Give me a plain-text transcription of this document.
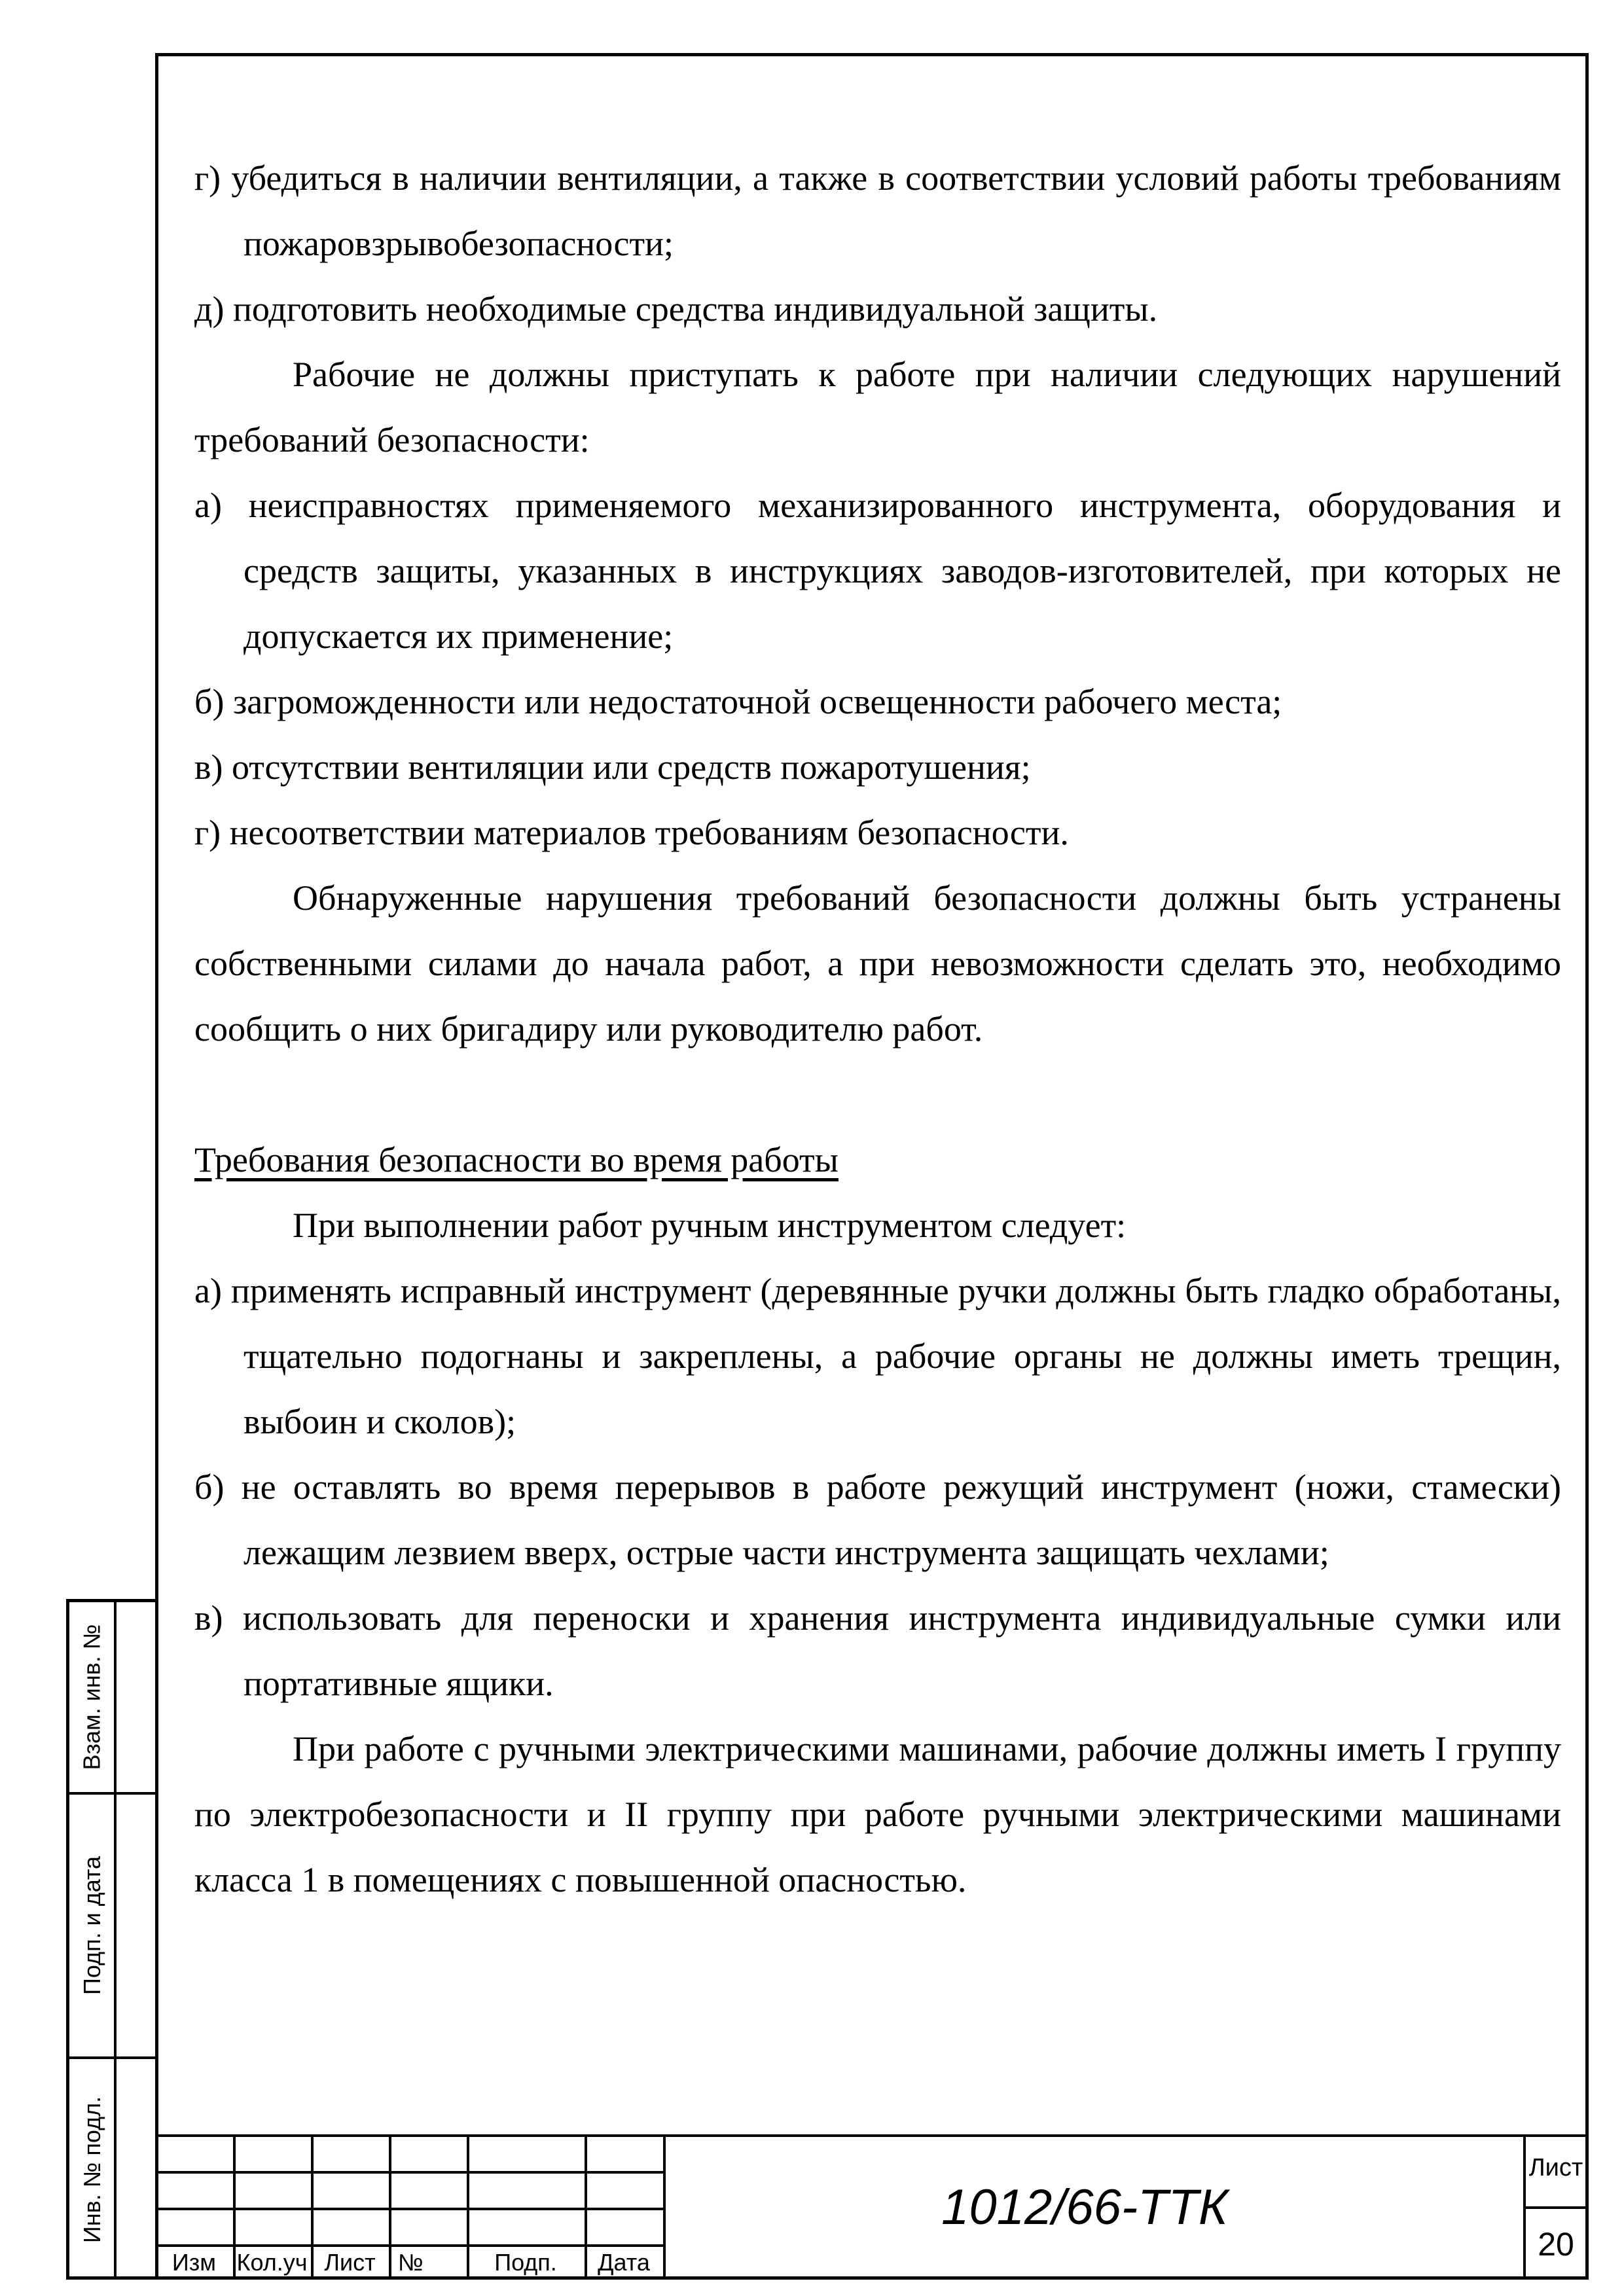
г) убедиться в наличии вентиляции, а также в соответствии условий работы требованиям пожаровзрывобезопасности;

д) подготовить необходимые средства индивидуальной защиты.

Рабочие не должны приступать к работе при наличии следующих нарушений требований безопасности:

а) неисправностях применяемого механизированного инструмента, оборудования и средств защиты, указанных в инструкциях заводов-изготовителей, при которых не допускается их применение;

б) загроможденности или недостаточной освещенности рабочего места;

в) отсутствии вентиляции или средств пожаротушения;

г) несоответствии материалов требованиям безопасности.

Обнаруженные нарушения требований безопасности должны быть устранены собственными силами до начала работ, а при невозможности сделать это, необходимо сообщить о них бригадиру или руководителю работ.

Требования безопасности во время работы

При выполнении работ ручным инструментом следует:

а) применять исправный инструмент (деревянные ручки должны быть гладко обработаны, тщательно подогнаны и закреплены, а рабочие органы не должны иметь трещин, выбоин и сколов);

б) не оставлять во время перерывов в работе режущий инструмент (ножи, стамески) лежащим лезвием вверх, острые части инструмента защищать чехлами;

в) использовать для переноски и хранения инструмента индивидуальные сумки или портативные ящики.

При работе с ручными электрическими машинами, рабочие должны иметь I группу по электробезопасности и II группу при работе ручными электрическими машинами класса 1 в помещениях с повышенной опасностью.

Взам. инв. №
Подп. и дата
Инв. № подл.
Изм Кол.уч Лист №	Подп.	Дата
1012/66-ТТК
Лист
20
